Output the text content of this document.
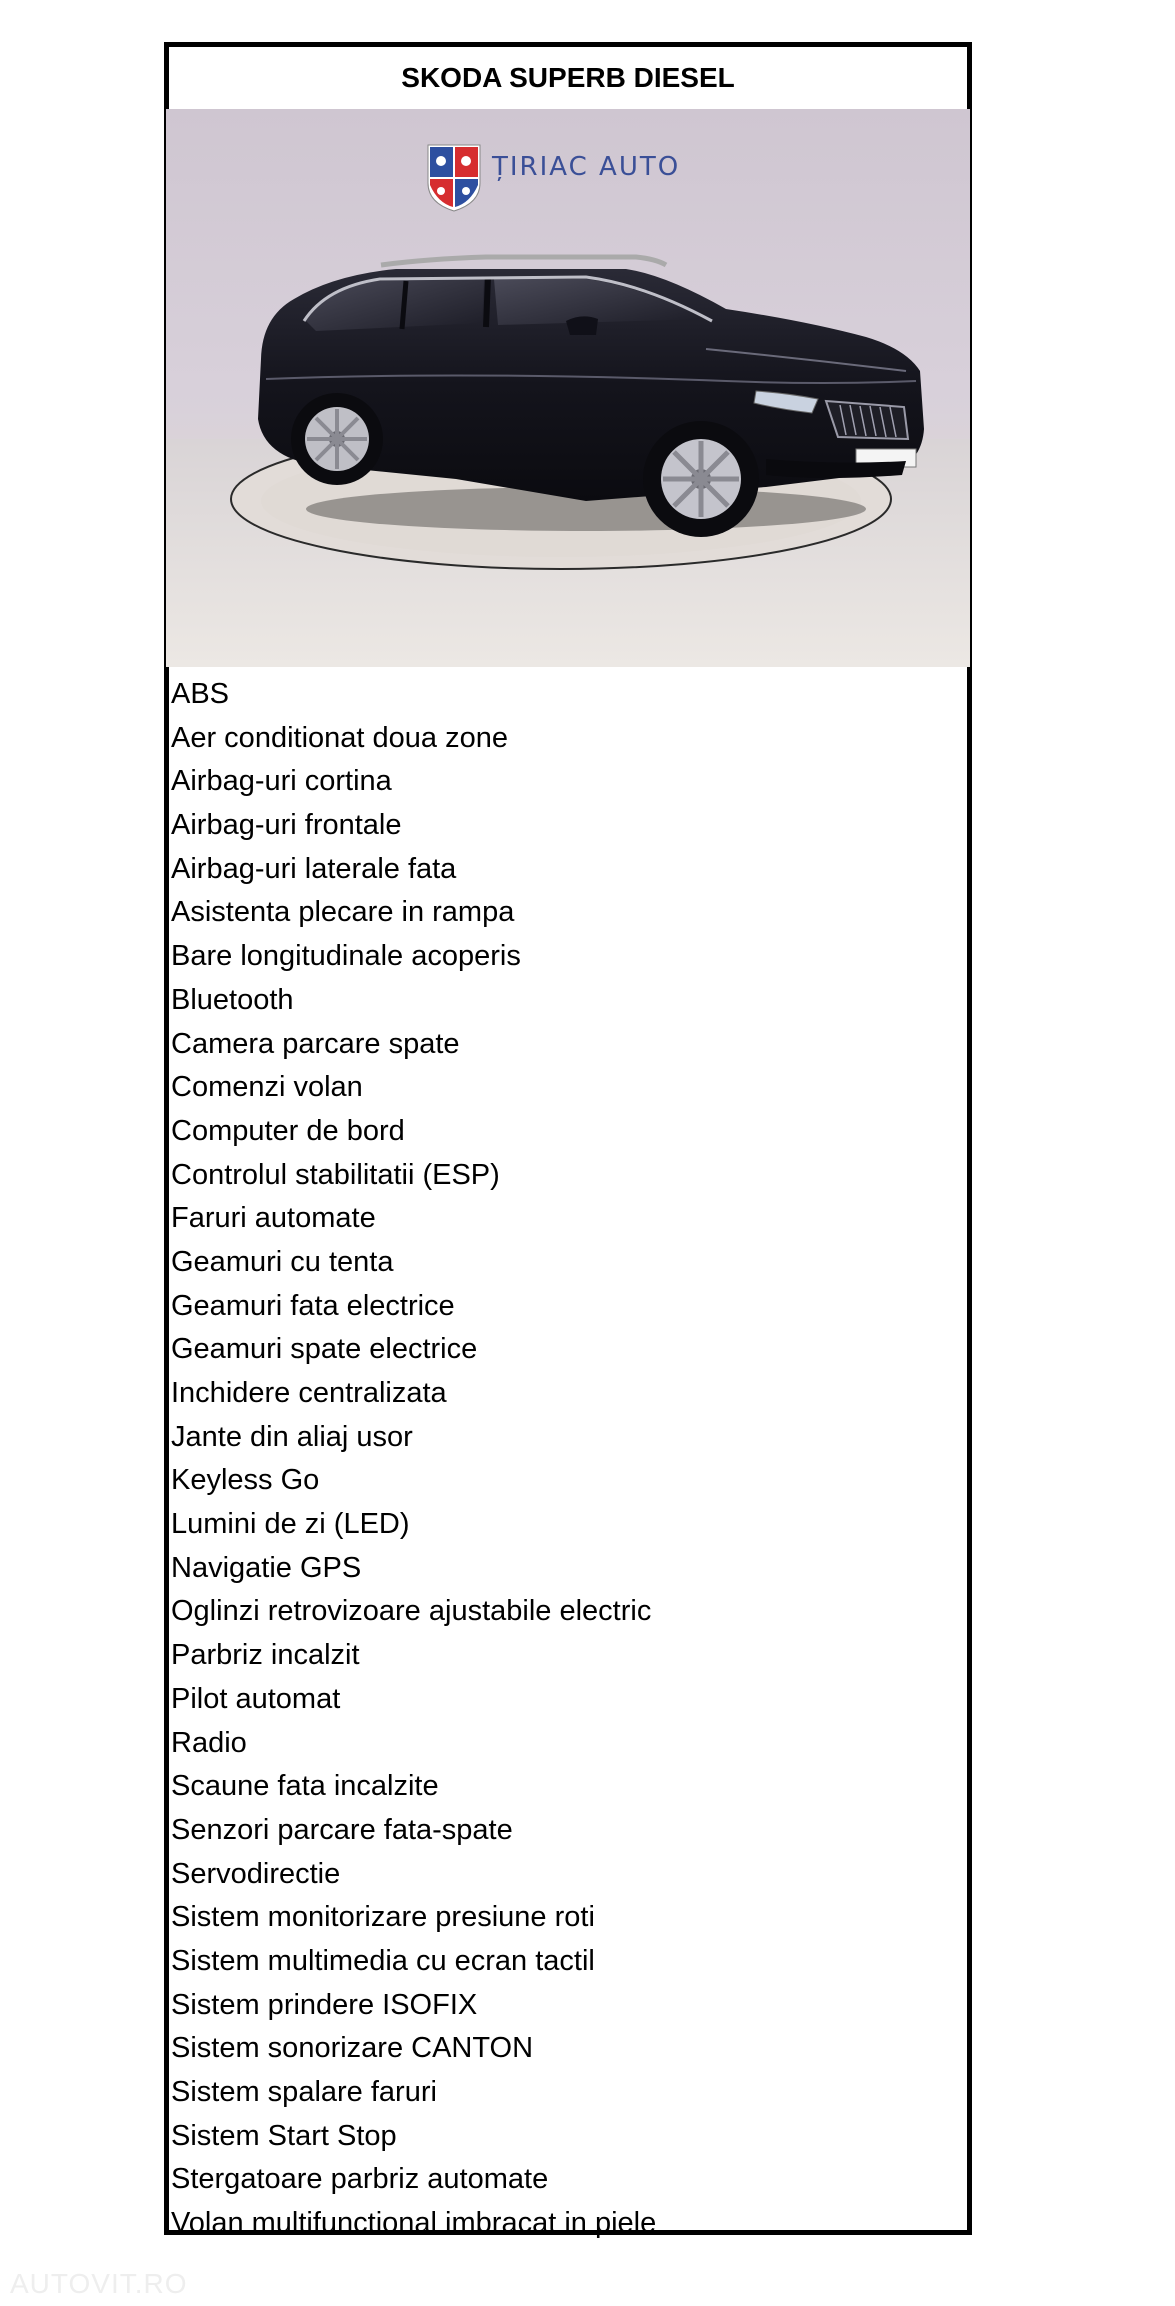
SKODA SUPERB DIESEL
ȚIRIAC AUTO
ABS
Aer conditionat doua zone
Airbag-uri cortina
Airbag-uri frontale
Airbag-uri laterale fata
Asistenta plecare in rampa
Bare longitudinale acoperis
Bluetooth
Camera parcare spate
Comenzi volan
Computer de bord
Controlul stabilitatii (ESP)
Faruri automate
Geamuri cu tenta
Geamuri fata electrice
Geamuri spate electrice
Inchidere centralizata
Jante din aliaj usor
Keyless Go
Lumini de zi (LED)
Navigatie GPS
Oglinzi retrovizoare ajustabile electric
Parbriz incalzit
Pilot automat
Radio
Scaune fata incalzite
Senzori parcare fata-spate
Servodirectie
Sistem monitorizare presiune roti
Sistem multimedia cu ecran tactil
Sistem prindere ISOFIX
Sistem sonorizare CANTON
Sistem spalare faruri
Sistem Start Stop
Stergatoare parbriz automate
Volan multifunctional imbracat in piele
AUTOVIT.RO
